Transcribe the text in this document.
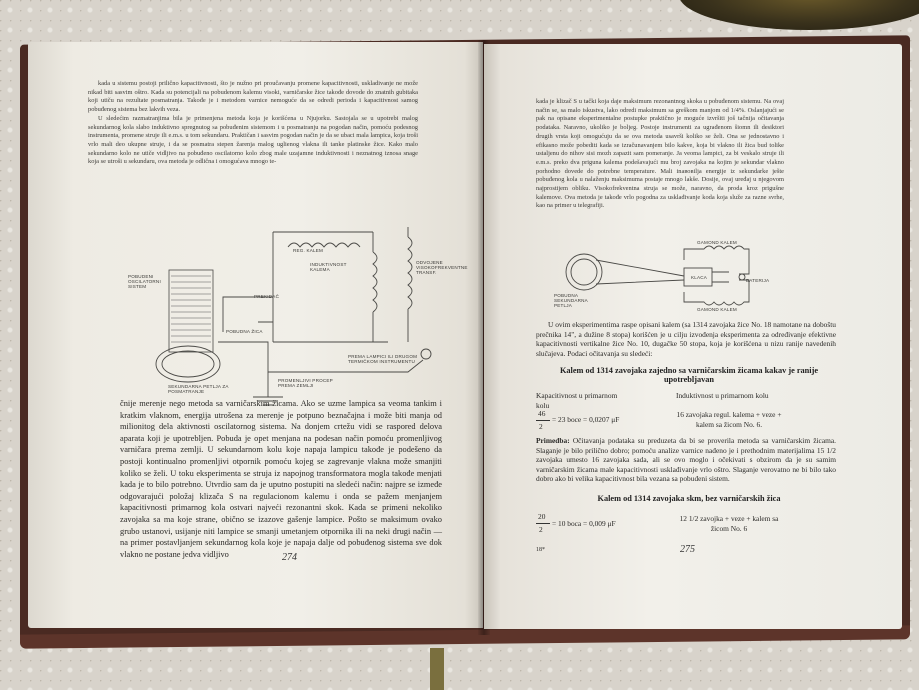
kada u sistemu postoji prilično kapacitivnosti, što je nužno pri proučavanju promene kapacitivnosti, uskladivanje ne može nikad biti sasvim oštro. Kada su potencijali na pobudenom kalemu visoki, varničarske žice takođe dovode do znatnih gubitaka koji utiču na rezultate posmatranja. Takođe je i metodom varnice nemoguće da se odredi perioda i kapacitivnost samog pobuđenog sistema bez lakvih veza.

U sledećim razmatranjima bila je primenjena metoda koja je korišćena u Njujorku. Sastojala se u upotrebi malog sekundarnog kola slabo induktivno spregnutog sa pobuđenim sistemom i u posmatranju na pogodan način, pomoću podesnog instrumenta, promene struje ili e.m.s. u tom sekundaru. Praktičan i sasvim pogodan način je da se ubaci mala lampica, koja troši vrlo mali deo ukupne struje, i da se posmatra stepen žarenja malog uglienog vlakna ili tanke platinske žice. Kako malo sekundarno kolo ne utiče vidljivo na pobuđeno oscilatorno kolo zbog male uzajamne induktivnosti i neznatnog iznosa snage koja se utroši u sekundaru, ova metoda je odlična i omogućava mnogo te-

POBUDENI OSCILATORNI SISTEM
REG. KALEM
INDUKTIVNOST KALEMA
ODVOJENE VISOKOFREKVENTNE TRANSF.
PREKIDAČ
POBUDNA ŽICA
PREMA LAMPICI ILI DRUGOM TERMIČKOM INSTRUMENTU
SEKUNDARNA PETLJA ZA POSMATRANJE
PROMENLJIVI PROCEP PREMA ZEMLJI

čnije merenje nego metoda sa varničarskim žicama. Ako se uzme lampica sa veoma tankim i kratkim vlaknom, energija utrošena za merenje je potpuno beznačajna i može biti manja od milionitog dela aktivnosti oscilatornog sistema. Na donjem crtežu vidi se raspored delova aparata koji je upotrebljen. Pobuda je opet menjana na podesan način pomoću promenljivog varničara premа zemlji. U sekundarnom kolu koje napaja lampicu takođe je podešeno da postoji kontinualno promenljivi otpornik pomoću kojeg se zagrevanje vlakna može smanjiti koliko se želi. U toku eksperimenta se struja iz napojnog transformatora mogla takođe menjati kada je to bilo potrebno. Utvrdio sam da je uputno postupiti na sledeći način: najpre se izmeđe odgovarajući položaj klizača S na regulacionom kalemu i onda se pažem menjanjem kapacitivnosti primarnog kola ostvari najveći rezonantni skok. Kada se primeni nekoliko zavojaka sa ma koje strane, obično se izazove gašenje lampice. Pošto se maksimum ovako grubo ustanovi, usijanje niti lampice se smanji umetanjem otpornika ili na neki drugi način — na primer postavljanjem sekundarnog kola koje je napaja dalje od pobuđenog sistema sve dok vlakno ne postane jedva vidljivo	274

kada je klizač S u tački koja daje maksimum rezonantnog skoka u pobuđenom sistemu. Na ovaj način se, sa malo iskustva, lako odredi maksimum sa greškom manjom od 1/4%. Oslanjajući se pak na opisane eksperimentalne postupke praktično je moguće izvršiti još tačnija očitavanja podataka. Naravno, ukoliko je boljeg. Postoje instrumenti za ugrađenom šiomn ili desiktori drugih vrsta koji omogućuju da se ova metoda usavrši koliko se želi. Ona se jednostavno i efikasno može pobediti kada se izračunavanjem bilo kakve, koja bi vlakno ili žica bud tolike ustaljenu do nihov sisi mozh zapazit sam pomeranje. Ja veoma lampici, za bi veskalo struje ili e.m.s. preko dva priguna kalema podešavajući mu broj zavojaka na kojim je sekundar vlakno porhodno dovede do potrebne temperature. Mali inaвовilja energije iz sekundarke ještе pobuđenog kola u nalaženju maksimuma postaje mnogo lakše. Dosije, ovaj uređaj u njegovom najprostijem obliku. Visokofrekventna struja se može, naravno, da proda kroz prigušne kalemove. Ova metoda je takođe vrlo pogodna za usklađivanje koda koja služe za razne svrhe, kao na primer u telegrafiji.

POBUDNA SEKUNDARNA PETLJA
GAMOND KALEM
GAMOND KALEM
KLACA
BATERIJA
U ovim eksperimentima raspe opisani kalem (sa 1314 zavojaka žice No. 18 namotane na doboštu prečnika 14", a dužine 8 stopa) korišćen je u cilju izvođenja eksperimenta za određivanje efektivne kapacitivnosti vertikalne žice No. 10, dugačke 50 stopa, koja je korišćena u nizu ranije navedenih slučajeva. Podaci očitavanja su sledeći:
Kalem od 1314 zavojaka zajedno sa varničarskim žicama kakav je ranije upotrebljavan
Kapacitivnost u primarnom kolu
Induktivnost u primarnom kolu
46
2
= 23 boce = 0,0207 μF
16 zavojaka regul. kalema + veze + kalem sa žicom No. 6.
Primedba: Očitavanja podataka su preduzeta da bi se proverila metoda sa varničarskim žicama. Slaganje je bilo prilično dobro; pomoću analize varnice nađeno je i prethodnim materijalima 15 1/2 zavojaka umesto 16 zavojaka sada, ali se ovo moglo i očekivati s obzirom da je su samim varničarskim žicama male kapacitivnosti usklađivanje vrlo oštro. Slaganje verovatno ne bi bilo tako dobro ako bi velika kapacitivnost bila vezana sa pobuđeni sistem.
Kalem od 1314 zavojaka skm, bez varničarskih žica
20
2
= 10 boca = 0,009 μF
12 1/2 zavojka + veze + kalem sa žicom No. 6
18*	275
